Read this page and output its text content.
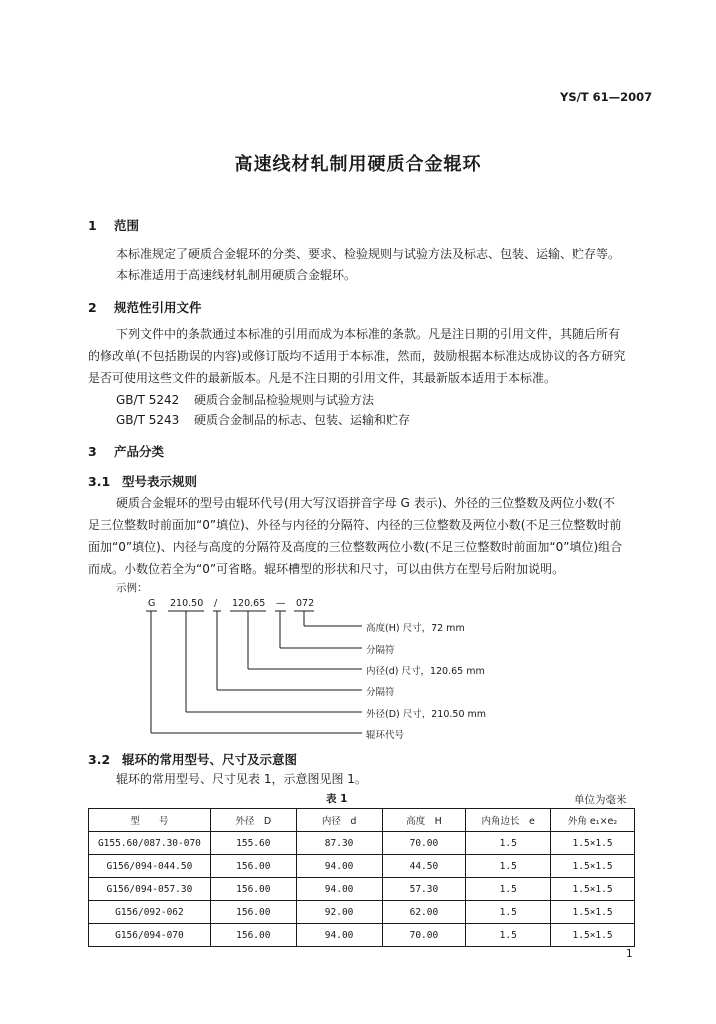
YS/T 61—2007
高速线材轧制用硬质合金辊环
1 范围
本标准规定了硬质合金辊环的分类、要求、检验规则与试验方法及标志、包装、运输、贮存等。
本标准适用于高速线材轧制用硬质合金辊环。
2 规范性引用文件
下列文件中的条款通过本标准的引用而成为本标准的条款。凡是注日期的引用文件，其随后所有
的修改单(不包括勘误的内容)或修订版均不适用于本标准，然而，鼓励根据本标准达成协议的各方研究
是否可使用这些文件的最新版本。凡是不注日期的引用文件，其最新版本适用于本标准。
GB/T 5242 硬质合金制品检验规则与试验方法
GB/T 5243 硬质合金制品的标志、包装、运输和贮存
3 产品分类
3.1 型号表示规则
硬质合金辊环的型号由辊环代号(用大写汉语拼音字母 G 表示)、外径的三位整数及两位小数(不
足三位整数时前面加“0”填位)、外径与内径的分隔符、内径的三位整数及两位小数(不足三位整数时前
面加“0”填位)、内径与高度的分隔符及高度的三位整数两位小数(不足三位整数时前面加“0”填位)组合
而成。小数位若全为“0”可省略。辊环槽型的形状和尺寸，可以由供方在型号后附加说明。
示例：
G 210.50 / 120.65 — 072
高度(H) 尺寸，72 mm
分隔符
内径(d) 尺寸，120.65 mm
分隔符
外径(D) 尺寸，210.50 mm
辊环代号
3.2 辊环的常用型号、尺寸及示意图
辊环的常用型号、尺寸见表 1，示意图见图 1。
表 1	单位为毫米
型　　号	外径　D	内径　d	高度　H	内角边长　e	外角 e₁×e₂
G155.60/087.30-070	155.60	87.30	70.00	1.5	1.5×1.5
G156/094-044.50	156.00	94.00	44.50	1.5	1.5×1.5
G156/094-057.30	156.00	94.00	57.30	1.5	1.5×1.5
G156/092-062	156.00	92.00	62.00	1.5	1.5×1.5
G156/094-070	156.00	94.00	70.00	1.5	1.5×1.5
1
